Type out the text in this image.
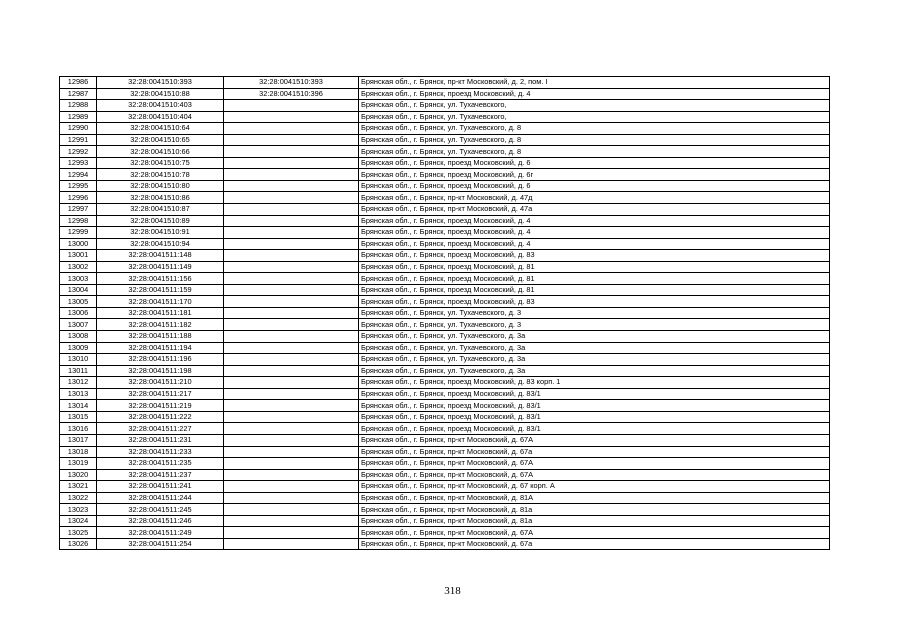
12986	32:28:0041510:393	32:28:0041510:393	Брянская обл., г. Брянск, пр-кт Московский, д. 2, пом. I
12987	32:28:0041510:88	32:28:0041510:396	Брянская обл., г. Брянск, проезд Московский, д. 4
12988	32:28:0041510:403		Брянская обл., г. Брянск, ул. Тухачевского,
12989	32:28:0041510:404		Брянская обл., г. Брянск, ул. Тухачевского,
12990	32:28:0041510:64		Брянская обл., г. Брянск, ул. Тухачевского, д. 8
12991	32:28:0041510:65		Брянская обл., г. Брянск, ул. Тухачевского, д. 8
12992	32:28:0041510:66		Брянская обл., г. Брянск, ул. Тухачевского, д. 8
12993	32:28:0041510:75		Брянская обл., г. Брянск, проезд Московский, д. 6
12994	32:28:0041510:78		Брянская обл., г. Брянск, проезд Московский, д. 6г
12995	32:28:0041510:80		Брянская обл., г. Брянск, проезд Московский, д. 6
12996	32:28:0041510:86		Брянская обл., г. Брянск, пр-кт Московский, д. 47д
12997	32:28:0041510:87		Брянская обл., г. Брянск, пр-кт Московский, д. 47а
12998	32:28:0041510:89		Брянская обл., г. Брянск, проезд Московский, д. 4
12999	32:28:0041510:91		Брянская обл., г. Брянск, проезд Московский, д. 4
13000	32:28:0041510:94		Брянская обл., г. Брянск, проезд Московский, д. 4
13001	32:28:0041511:148		Брянская обл., г. Брянск, проезд Московский, д. 83
13002	32:28:0041511:149		Брянская обл., г. Брянск, проезд Московский, д. 81
13003	32:28:0041511:156		Брянская обл., г. Брянск, проезд Московский, д. 81
13004	32:28:0041511:159		Брянская обл., г. Брянск, проезд Московский, д. 81
13005	32:28:0041511:170		Брянская обл., г. Брянск, проезд Московский, д. 83
13006	32:28:0041511:181		Брянская обл., г. Брянск, ул. Тухачевского, д. 3
13007	32:28:0041511:182		Брянская обл., г. Брянск, ул. Тухачевского, д. 3
13008	32:28:0041511:188		Брянская обл., г. Брянск, ул. Тухачевского, д. 3а
13009	32:28:0041511:194		Брянская обл., г. Брянск, ул. Тухачевского, д. 3а
13010	32:28:0041511:196		Брянская обл., г. Брянск, ул. Тухачевского, д. 3а
13011	32:28:0041511:198		Брянская обл., г. Брянск, ул. Тухачевского, д. 3а
13012	32:28:0041511:210		Брянская обл., г. Брянск, проезд Московский, д. 83 корп. 1
13013	32:28:0041511:217		Брянская обл., г. Брянск, проезд Московский, д. 83/1
13014	32:28:0041511:219		Брянская обл., г. Брянск, проезд Московский, д. 83/1
13015	32:28:0041511:222		Брянская обл., г. Брянск, проезд Московский, д. 83/1
13016	32:28:0041511:227		Брянская обл., г. Брянск, проезд Московский, д. 83/1
13017	32:28:0041511:231		Брянская обл., г. Брянск, пр-кт Московский, д. 67А
13018	32:28:0041511:233		Брянская обл., г. Брянск, пр-кт Московский, д. 67а
13019	32:28:0041511:235		Брянская обл., г. Брянск, пр-кт Московский, д. 67А
13020	32:28:0041511:237		Брянская обл., г. Брянск, пр-кт Московский, д. 67А
13021	32:28:0041511:241		Брянская обл., г. Брянск, пр-кт Московский, д. 67 корп. А
13022	32:28:0041511:244		Брянская обл., г. Брянск, пр-кт Московский, д. 81А
13023	32:28:0041511:245		Брянская обл., г. Брянск, пр-кт Московский, д. 81а
13024	32:28:0041511:246		Брянская обл., г. Брянск, пр-кт Московский, д. 81а
13025	32:28:0041511:249		Брянская обл., г. Брянск, пр-кт Московский, д. 67А
13026	32:28:0041511:254		Брянская обл., г. Брянск, пр-кт Московский, д. 67а
318
